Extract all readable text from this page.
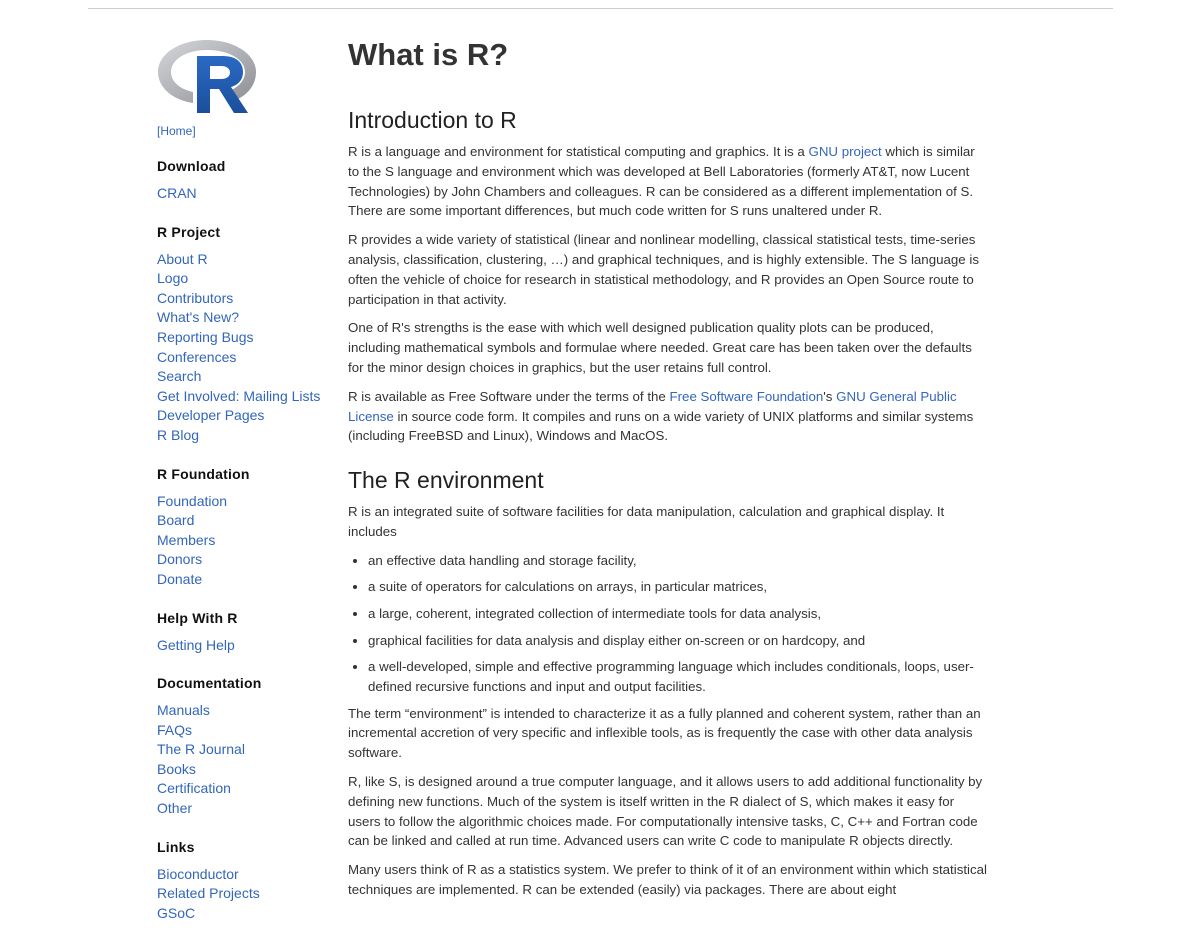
[Home]
Download
CRAN
R Project
About R
Logo
Contributors
What's New?
Reporting Bugs
Conferences
Search
Get Involved: Mailing Lists
Developer Pages
R Blog
R Foundation
Foundation
Board
Members
Donors
Donate
Help With R
Getting Help
Documentation
Manuals
FAQs
The R Journal
Books
Certification
Other
Links
Bioconductor
Related Projects
GSoC
What is R?
Introduction to R

R is a language and environment for statistical computing and graphics. It is a GNU project which is similar to the S language and environment which was developed at Bell Laboratories (formerly AT&T, now Lucent Technologies) by John Chambers and colleagues. R can be considered as a different implementation of S. There are some important differences, but much code written for S runs unaltered under R.

R provides a wide variety of statistical (linear and nonlinear modelling, classical statistical tests, time-series analysis, classification, clustering, …) and graphical techniques, and is highly extensible. The S language is often the vehicle of choice for research in statistical methodology, and R provides an Open Source route to participation in that activity.

One of R's strengths is the ease with which well designed publication quality plots can be produced, including mathematical symbols and formulae where needed. Great care has been taken over the defaults for the minor design choices in graphics, but the user retains full control.

R is available as Free Software under the terms of the Free Software Foundation's GNU General Public License in source code form. It compiles and runs on a wide variety of UNIX platforms and similar systems (including FreeBSD and Linux), Windows and MacOS.

The R environment

R is an integrated suite of software facilities for data manipulation, calculation and graphical display. It includes

• an effective data handling and storage facility,
• a suite of operators for calculations on arrays, in particular matrices,
• a large, coherent, integrated collection of intermediate tools for data analysis,
• graphical facilities for data analysis and display either on-screen or on hardcopy, and
• a well-developed, simple and effective programming language which includes conditionals, loops, user-defined recursive functions and input and output facilities.

The term “environment” is intended to characterize it as a fully planned and coherent system, rather than an incremental accretion of very specific and inflexible tools, as is frequently the case with other data analysis software.

R, like S, is designed around a true computer language, and it allows users to add additional functionality by defining new functions. Much of the system is itself written in the R dialect of S, which makes it easy for users to follow the algorithmic choices made. For computationally intensive tasks, C, C++ and Fortran code can be linked and called at run time. Advanced users can write C code to manipulate R objects directly.

Many users think of R as a statistics system. We prefer to think of it of an environment within which statistical techniques are implemented. R can be extended (easily) via packages. There are about eight
